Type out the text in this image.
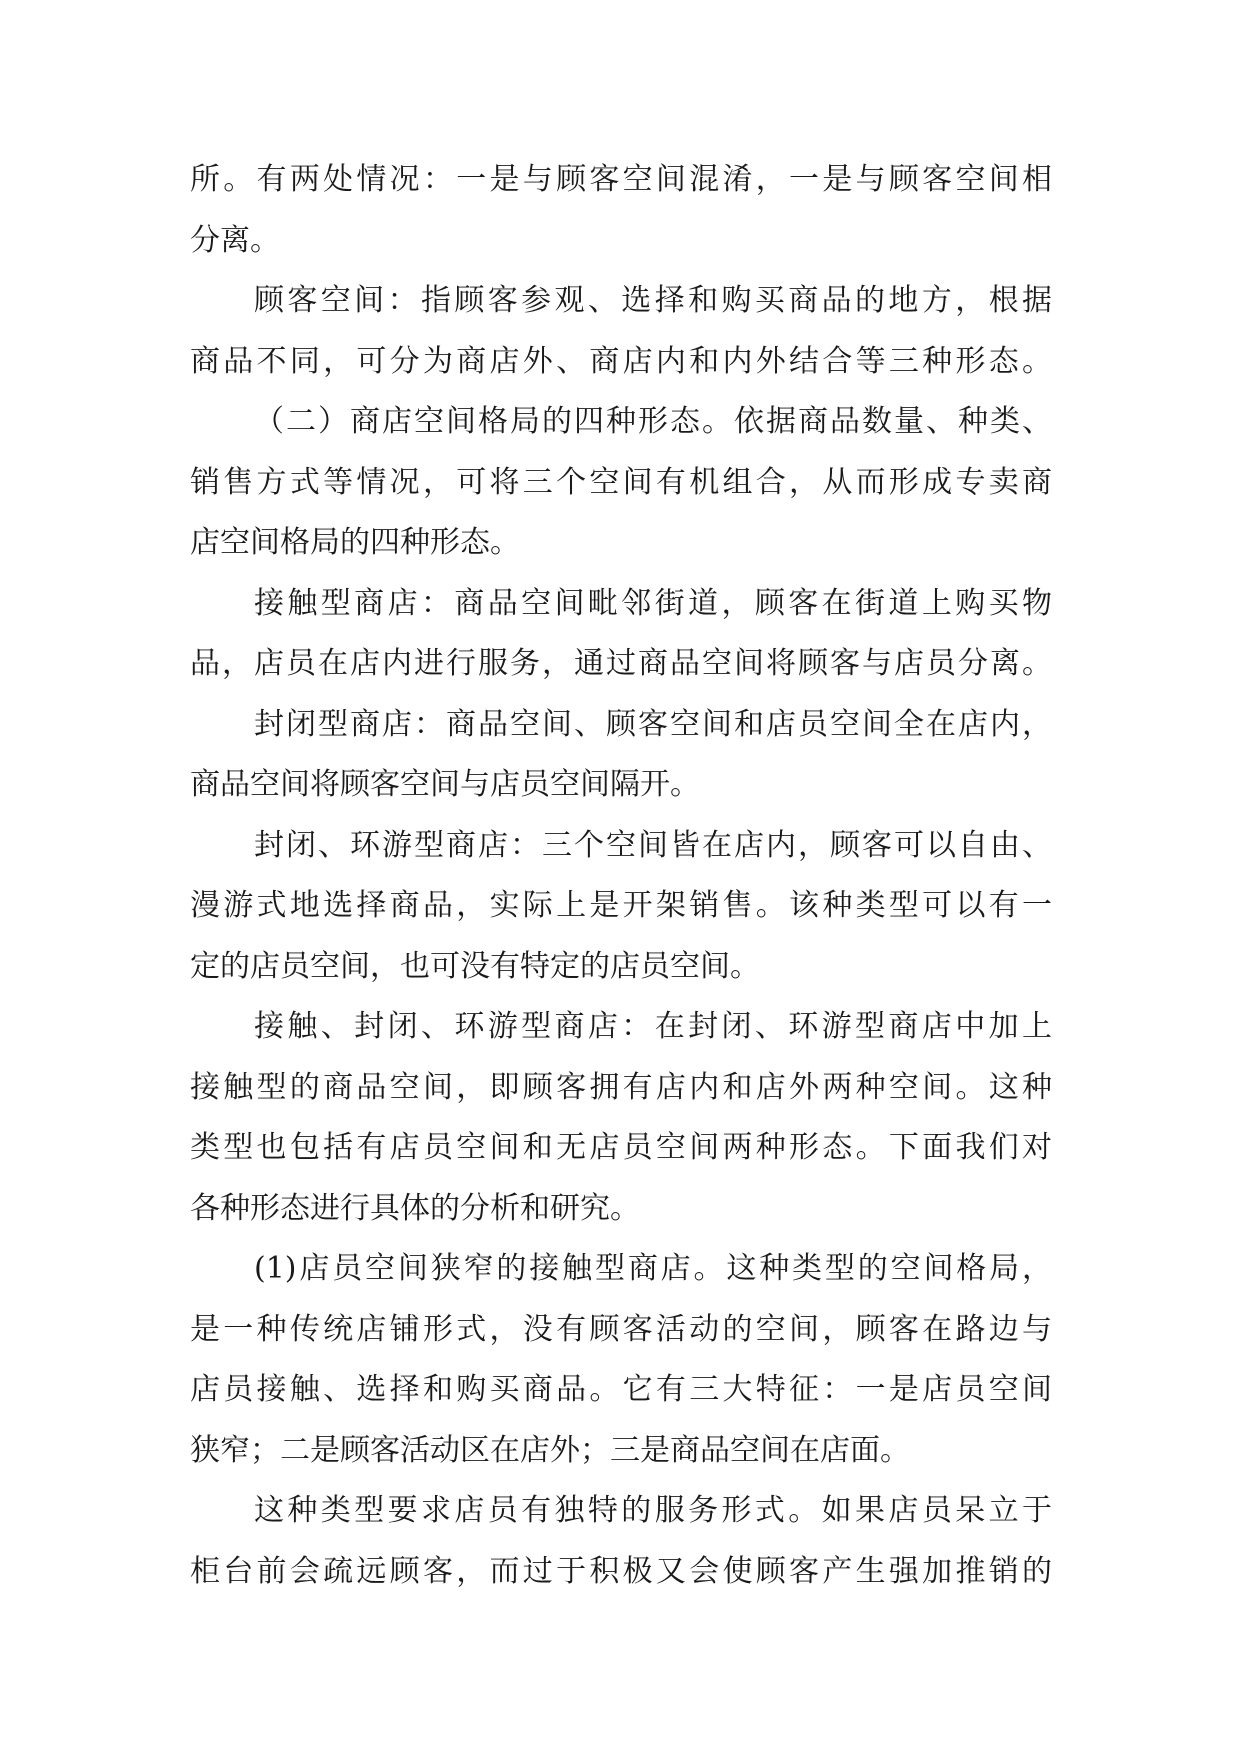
所。有两处情况：一是与顾客空间混淆，一是与顾客空间相
分离。
顾客空间：指顾客参观、选择和购买商品的地方，根据
商品不同，可分为商店外、商店内和内外结合等三种形态。
（二）商店空间格局的四种形态。依据商品数量、种类、
销售方式等情况，可将三个空间有机组合，从而形成专卖商
店空间格局的四种形态。
接触型商店：商品空间毗邻街道，顾客在街道上购买物
品，店员在店内进行服务，通过商品空间将顾客与店员分离。
封闭型商店：商品空间、顾客空间和店员空间全在店内，
商品空间将顾客空间与店员空间隔开。
封闭、环游型商店：三个空间皆在店内，顾客可以自由、
漫游式地选择商品，实际上是开架销售。该种类型可以有一
定的店员空间，也可没有特定的店员空间。
接触、封闭、环游型商店：在封闭、环游型商店中加上
接触型的商品空间，即顾客拥有店内和店外两种空间。这种
类型也包括有店员空间和无店员空间两种形态。下面我们对
各种形态进行具体的分析和研究。
(1)店员空间狭窄的接触型商店。这种类型的空间格局，
是一种传统店铺形式，没有顾客活动的空间，顾客在路边与
店员接触、选择和购买商品。它有三大特征：一是店员空间
狭窄；二是顾客活动区在店外；三是商品空间在店面。
这种类型要求店员有独特的服务形式。如果店员呆立于
柜台前会疏远顾客，而过于积极又会使顾客产生强加推销的
